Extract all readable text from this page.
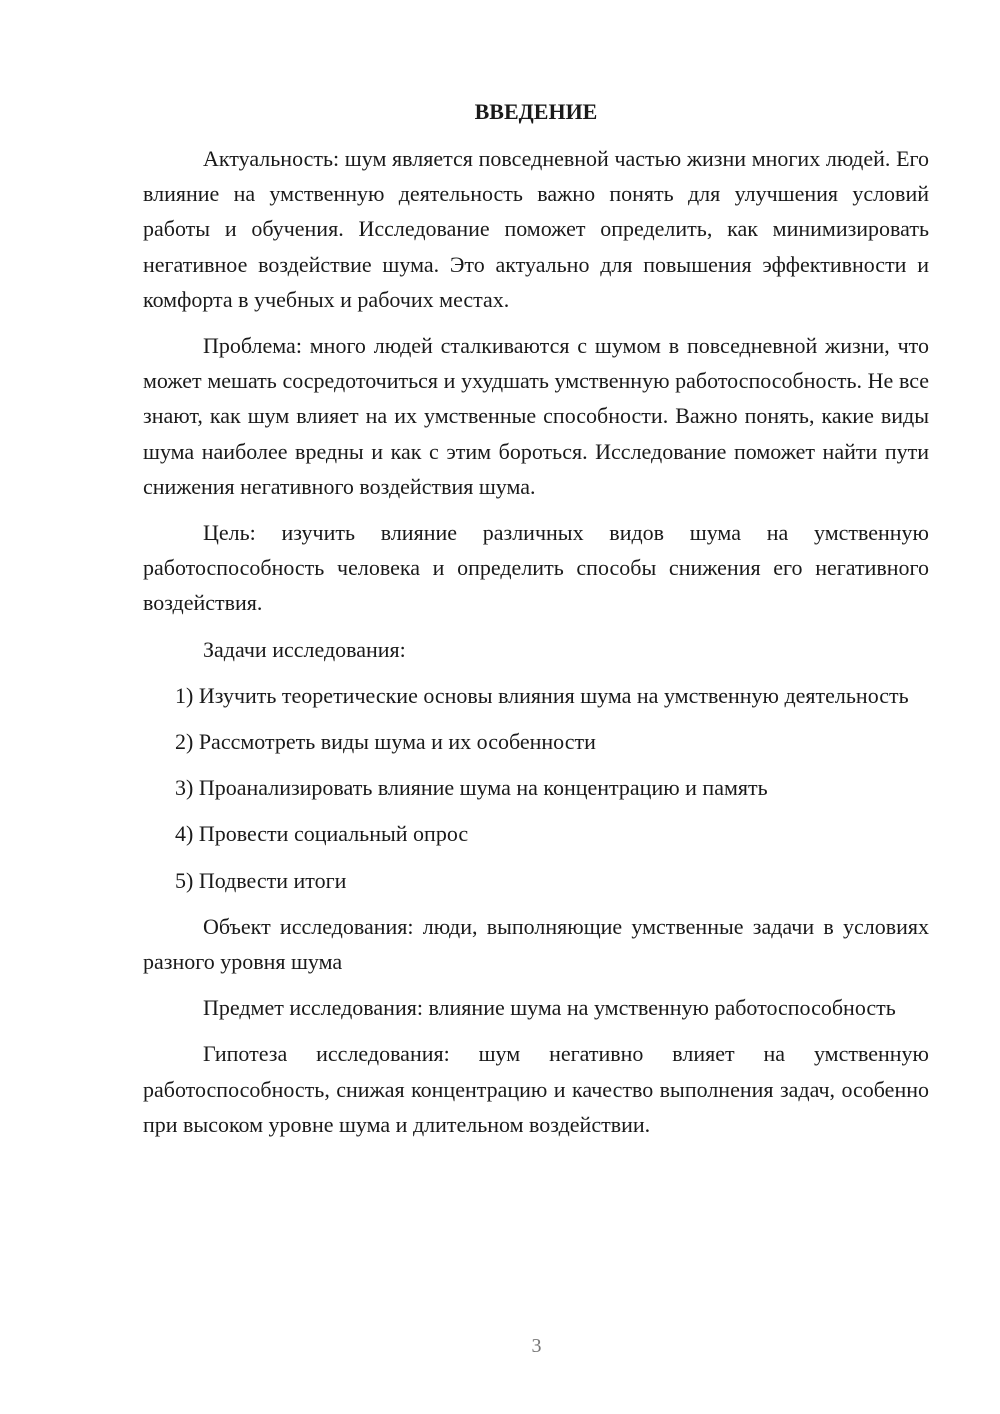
ВВЕДЕНИЕ

Актуальность: шум является повседневной частью жизни многих людей. Его влияние на умственную деятельность важно понять для улучшения условий работы и обучения. Исследование поможет определить, как минимизировать негативное воздействие шума. Это актуально для повышения эффективности и комфорта в учебных и рабочих местах.

Проблема: много людей сталкиваются с шумом в повседневной жизни, что может мешать сосредоточиться и ухудшать умственную работоспособность. Не все знают, как шум влияет на их умственные способности. Важно понять, какие виды шума наиболее вредны и как с этим бороться. Исследование поможет найти пути снижения негативного воздействия шума.

Цель: изучить влияние различных видов шума на умственную работоспособность человека и определить способы снижения его негативного воздействия.

Задачи исследования:

1) Изучить теоретические основы влияния шума на умственную деятельность

2) Рассмотреть виды шума и их особенности

3) Проанализировать влияние шума на концентрацию и память

4) Провести социальный опрос

5) Подвести итоги

Объект исследования: люди, выполняющие умственные задачи в условиях разного уровня шума

Предмет исследования: влияние шума на умственную работоспособность

Гипотеза исследования: шум негативно влияет на умственную работоспособность, снижая концентрацию и качество выполнения задач, особенно при высоком уровне шума и длительном воздействии.

3
